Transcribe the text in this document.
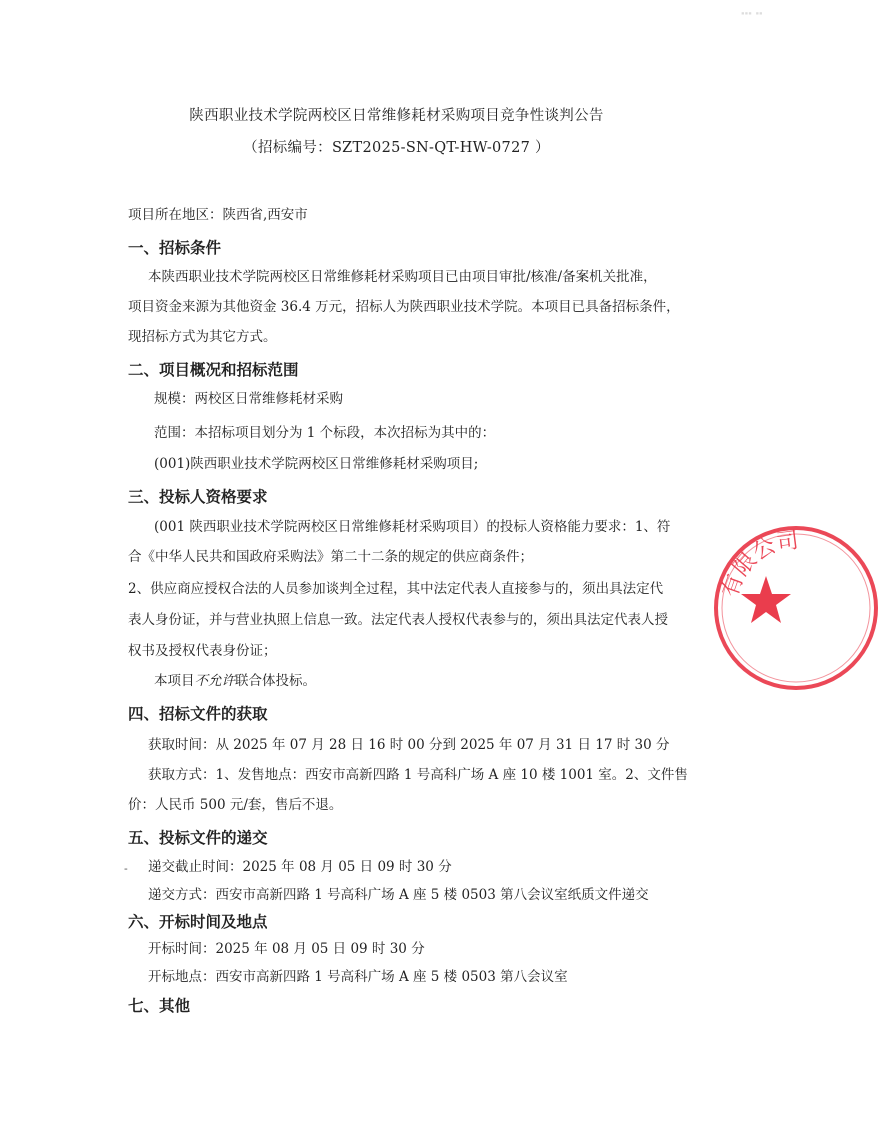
▪▪▪ ▪▪
陕西职业技术学院两校区日常维修耗材采购项目竞争性谈判公告
（招标编号：SZT2025-SN-QT-HW-0727 ）
项目所在地区：陕西省,西安市
一、招标条件
本陕西职业技术学院两校区日常维修耗材采购项目已由项目审批/核准/备案机关批准，
项目资金来源为其他资金 36.4 万元，招标人为陕西职业技术学院。本项目已具备招标条件，
现招标方式为其它方式。
二、项目概况和招标范围
规模：两校区日常维修耗材采购
范围：本招标项目划分为 1 个标段，本次招标为其中的：
(001)陕西职业技术学院两校区日常维修耗材采购项目;
三、投标人资格要求
(001 陕西职业技术学院两校区日常维修耗材采购项目）的投标人资格能力要求：1、符
合《中华人民共和国政府采购法》第二十二条的规定的供应商条件；
2、供应商应授权合法的人员参加谈判全过程，其中法定代表人直接参与的，须出具法定代
表人身份证，并与营业执照上信息一致。法定代表人授权代表参与的，须出具法定代表人授
权书及授权代表身份证；
本项目不允许联合体投标。
四、招标文件的获取
获取时间：从 2025 年 07 月 28 日 16 时 00 分到 2025 年 07 月 31 日 17 时 30 分
获取方式：1、发售地点：西安市高新四路 1 号高科广场 A 座 10 楼 1001 室。2、文件售
价：人民币 500 元/套，售后不退。
五、投标文件的递交
- 递交截止时间：2025 年 08 月 05 日 09 时 30 分
递交方式：西安市高新四路 1 号高科广场 A 座 5 楼 0503 第八会议室纸质文件递交
六、开标时间及地点
开标时间：2025 年 08 月 05 日 09 时 30 分
开标地点：西安市高新四路 1 号高科广场 A 座 5 楼 0503 第八会议室
七、其他
有限公司
